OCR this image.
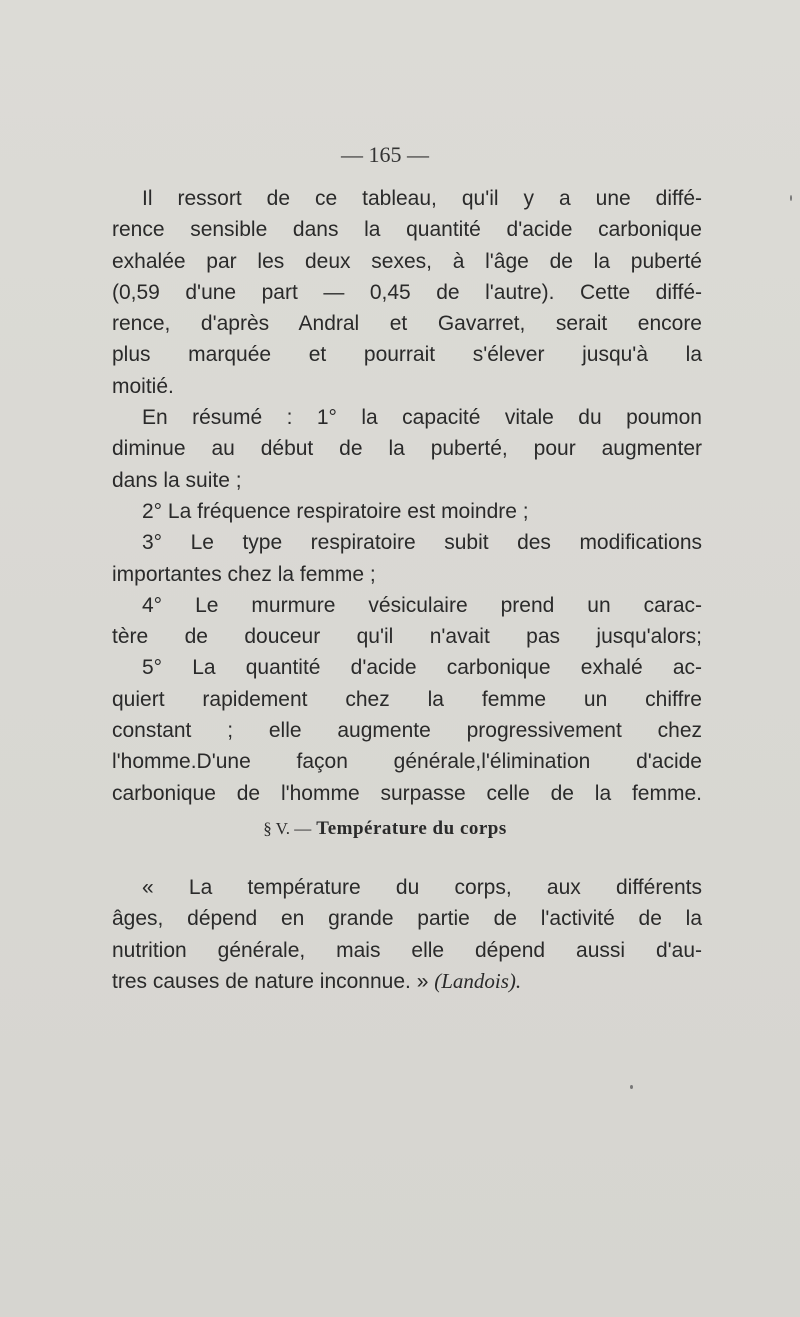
— 165 —
Il ressort de ce tableau, qu'il y a une diffé-
rence sensible dans la quantité d'acide carbonique
exhalée par les deux sexes, à l'âge de la puberté
(0,59 d'une part — 0,45 de l'autre). Cette diffé-
rence, d'après Andral et Gavarret, serait encore
plus marquée et pourrait s'élever jusqu'à la
moitié.
En résumé : 1° la capacité vitale du poumon
diminue au début de la puberté, pour augmenter
dans la suite ;
2° La fréquence respiratoire est moindre ;
3° Le type respiratoire subit des modifications
importantes chez la femme ;
4° Le murmure vésiculaire prend un carac-
tère de douceur qu'il n'avait pas jusqu'alors;
5° La quantité d'acide carbonique exhalé ac-
quiert rapidement chez la femme un chiffre
constant ; elle augmente progressivement chez
l'homme.D'une façon générale,l'élimination d'acide
carbonique de l'homme surpasse celle de la femme.
§ V. — Température du corps
« La température du corps, aux différents
âges, dépend en grande partie de l'activité de la
nutrition générale, mais elle dépend aussi d'au-
tres causes de nature inconnue. » (Landois).
